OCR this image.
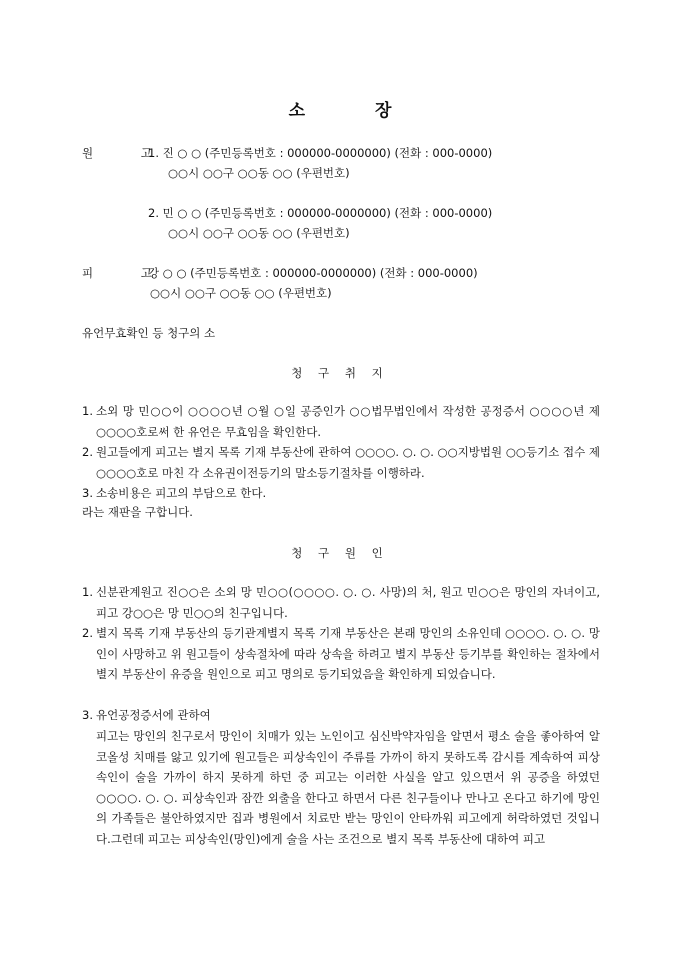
소	장
원 고
1. 진 ○ ○ (주민등록번호 : 000000-0000000) (전화 : 000-0000)
○○시 ○○구 ○○동 ○○ (우편번호)
2. 민 ○ ○ (주민등록번호 : 000000-0000000) (전화 : 000-0000)
○○시 ○○구 ○○동 ○○ (우편번호)
피 고
강 ○ ○ (주민등록번호 : 000000-0000000) (전화 : 000-0000)
○○시 ○○구 ○○동 ○○ (우편번호)
유언무효확인 등 청구의 소
청 구 취 지
1. 소외 망 민○○이 ○○○○년 ○월 ○일 공증인가 ○○법무법인에서 작성한 공정증서 ○○○○년 제○○○○호로써 한 유언은 무효임을 확인한다.
2. 원고들에게 피고는 별지 목록 기재 부동산에 관하여 ○○○○. ○. ○. ○○지방법원 ○○등기소 접수 제○○○○호로 마친 각 소유권이전등기의 말소등기절차를 이행하라.
3. 소송비용은 피고의 부담으로 한다.
라는 재판을 구합니다.
청 구 원 인
1. 신분관계원고 진○○은 소외 망 민○○(○○○○. ○. ○. 사망)의 처, 원고 민○○은 망인의 자녀이고, 피고 강○○은 망 민○○의 친구입니다.
2. 별지 목록 기재 부동산의 등기관계별지 목록 기재 부동산은 본래 망인의 소유인데 ○○○○. ○. ○. 망인이 사망하고 위 원고들이 상속절차에 따라 상속을 하려고 별지 부동산 등기부를 확인하는 절차에서 별지 부동산이 유증을 원인으로 피고 명의로 등기되었음을 확인하게 되었습니다.
3. 유언공정증서에 관하여
피고는 망인의 친구로서 망인이 치매가 있는 노인이고 심신박약자임을 알면서 평소 술을 좋아하여 알코올성 치매를 앓고 있기에 원고들은 피상속인이 주류를 가까이 하지 못하도록 감시를 계속하여 피상속인이 술을 가까이 하지 못하게 하던 중 피고는 이러한 사실을 알고 있으면서 위 공증을 하였던 ○○○○. ○. ○. 피상속인과 잠깐 외출을 한다고 하면서 다른 친구들이나 만나고 온다고 하기에 망인의 가족들은 불안하였지만 집과 병원에서 치료만 받는 망인이 안타까워 피고에게 허락하였던 것입니다.그런데 피고는 피상속인(망인)에게 술을 사는 조건으로 별지 목록 부동산에 대하여 피고
